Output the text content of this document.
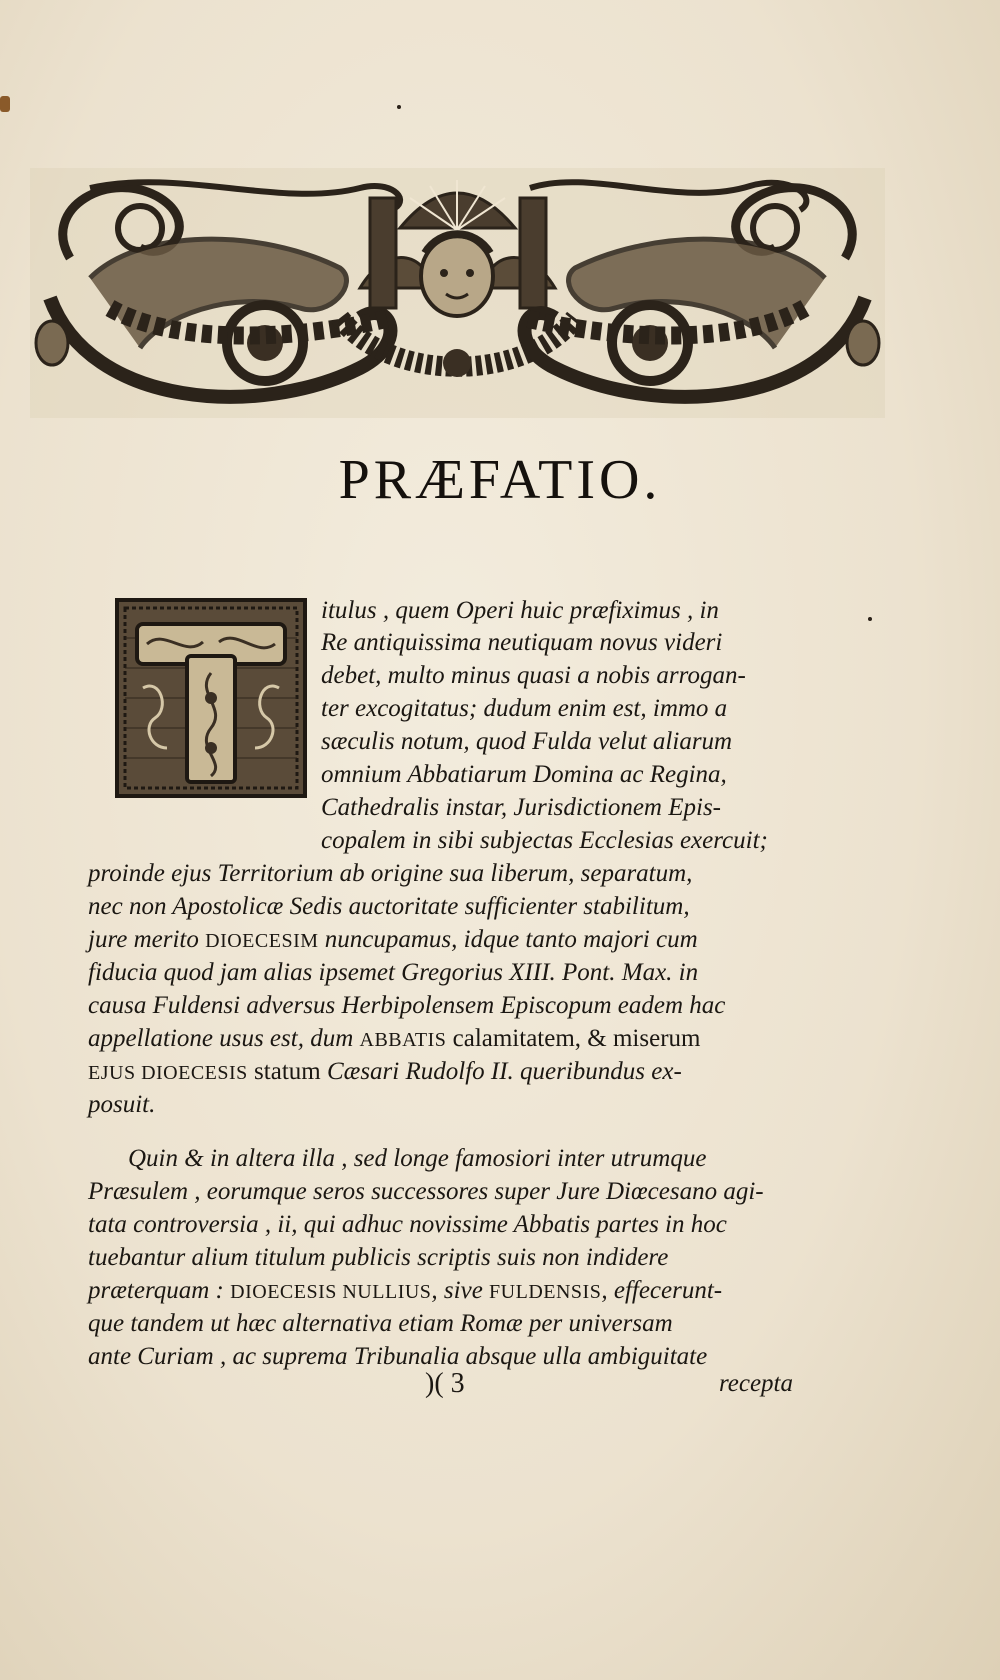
PRÆFATIO.
itulus , quem Operi huic præfiximus , in
Re antiquissima neutiquam novus videri
debet, multo minus quasi a nobis arrogan-
ter excogitatus; dudum enim est, immo a
sæculis notum, quod Fulda velut aliarum
omnium Abbatiarum Domina ac Regina,
Cathedralis instar, Jurisdictionem Epis-
copalem in sibi subjectas Ecclesias exercuit;
proinde ejus Territorium ab origine sua liberum, separatum,
nec non Apostolicæ Sedis auctoritate sufficienter stabilitum,
jure merito DIOECESIM nuncupamus, idque tanto majori cum
fiducia quod jam alias ipsemet Gregorius XIII. Pont. Max. in
causa Fuldensi adversus Herbipolensem Episcopum eadem hac
appellatione usus est, dum ABBATIS calamitatem, & miserum
EJUS DIOECESIS statum Cæsari Rudolfo II. queribundus ex-
posuit.
Quin & in altera illa , sed longe famosiori inter utrumque
Præsulem , eorumque seros successores super Jure Diœcesano agi-
tata controversia , ii, qui adhuc novissime Abbatis partes in hoc
tuebantur alium titulum publicis scriptis suis non indidere
præterquam : DIOECESIS NULLIUS, sive FULDENSIS, effecerunt-
que tandem ut hæc alternativa etiam Romæ per universam
ante Curiam , ac suprema Tribunalia absque ulla ambiguitate
)( 3	recepta
